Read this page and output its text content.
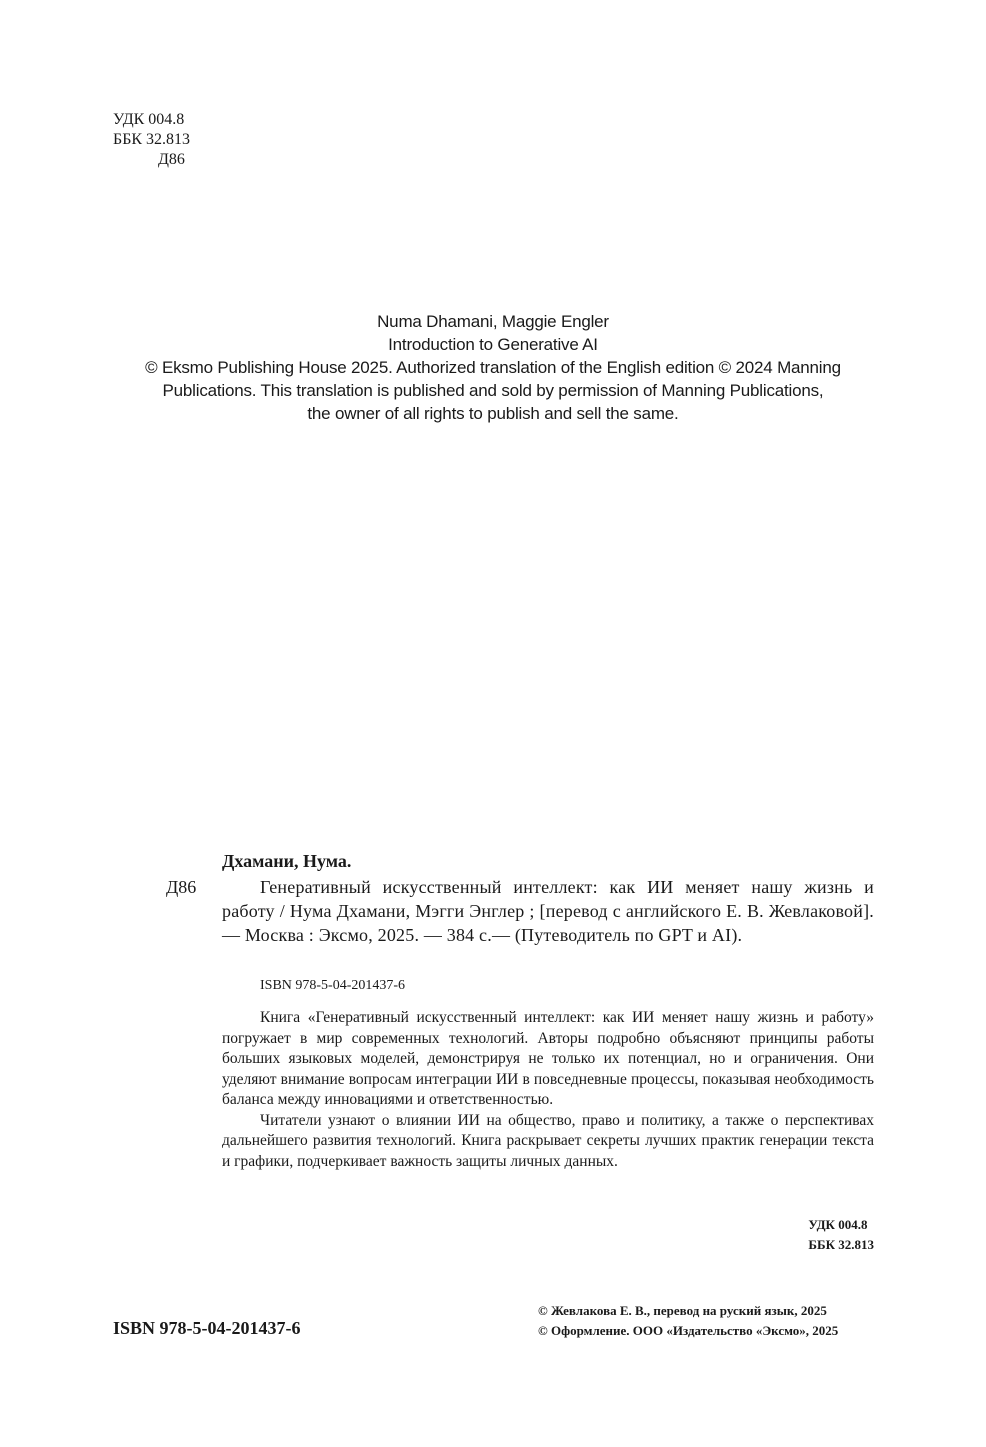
УДК 004.8
ББК 32.813
Д86
Numa Dhamani, Maggie Engler
Introduction to Generative AI
© Eksmo Publishing House 2025. Authorized translation of the English edition © 2024 Manning
Publications. This translation is published and sold by permission of Manning Publications,
the owner of all rights to publish and sell the same.
Дхамани, Нума.
Д86	Генеративный искусственный интеллект: как ИИ меняет нашу жизнь и работу / Нума Дхамани, Мэгги Энглер ; [перевод с английского Е. В. Жевлаковой]. — Москва : Эксмо, 2025. — 384 с.— (Путеводитель по GPT и AI).
ISBN 978-5-04-201437-6

Книга «Генеративный искусственный интеллект: как ИИ меняет нашу жизнь и работу» погружает в мир современных технологий. Авторы подробно объясняют принципы работы больших языковых моделей, демонстрируя не только их потенциал, но и ограничения. Они уделяют внимание вопросам интеграции ИИ в повседневные процессы, показывая необходимость баланса между инновациями и ответственностью.

Читатели узнают о влиянии ИИ на общество, право и политику, а также о перспективах дальнейшего развития технологий. Книга раскрывает секреты лучших практик генерации текста и графики, подчеркивает важность защиты личных данных.

УДК 004.8
ББК 32.813
ISBN 978-5-04-201437-6
© Жевлакова Е. В., перевод на руский язык, 2025
© Оформление. ООО «Издательство «Эксмо», 2025
